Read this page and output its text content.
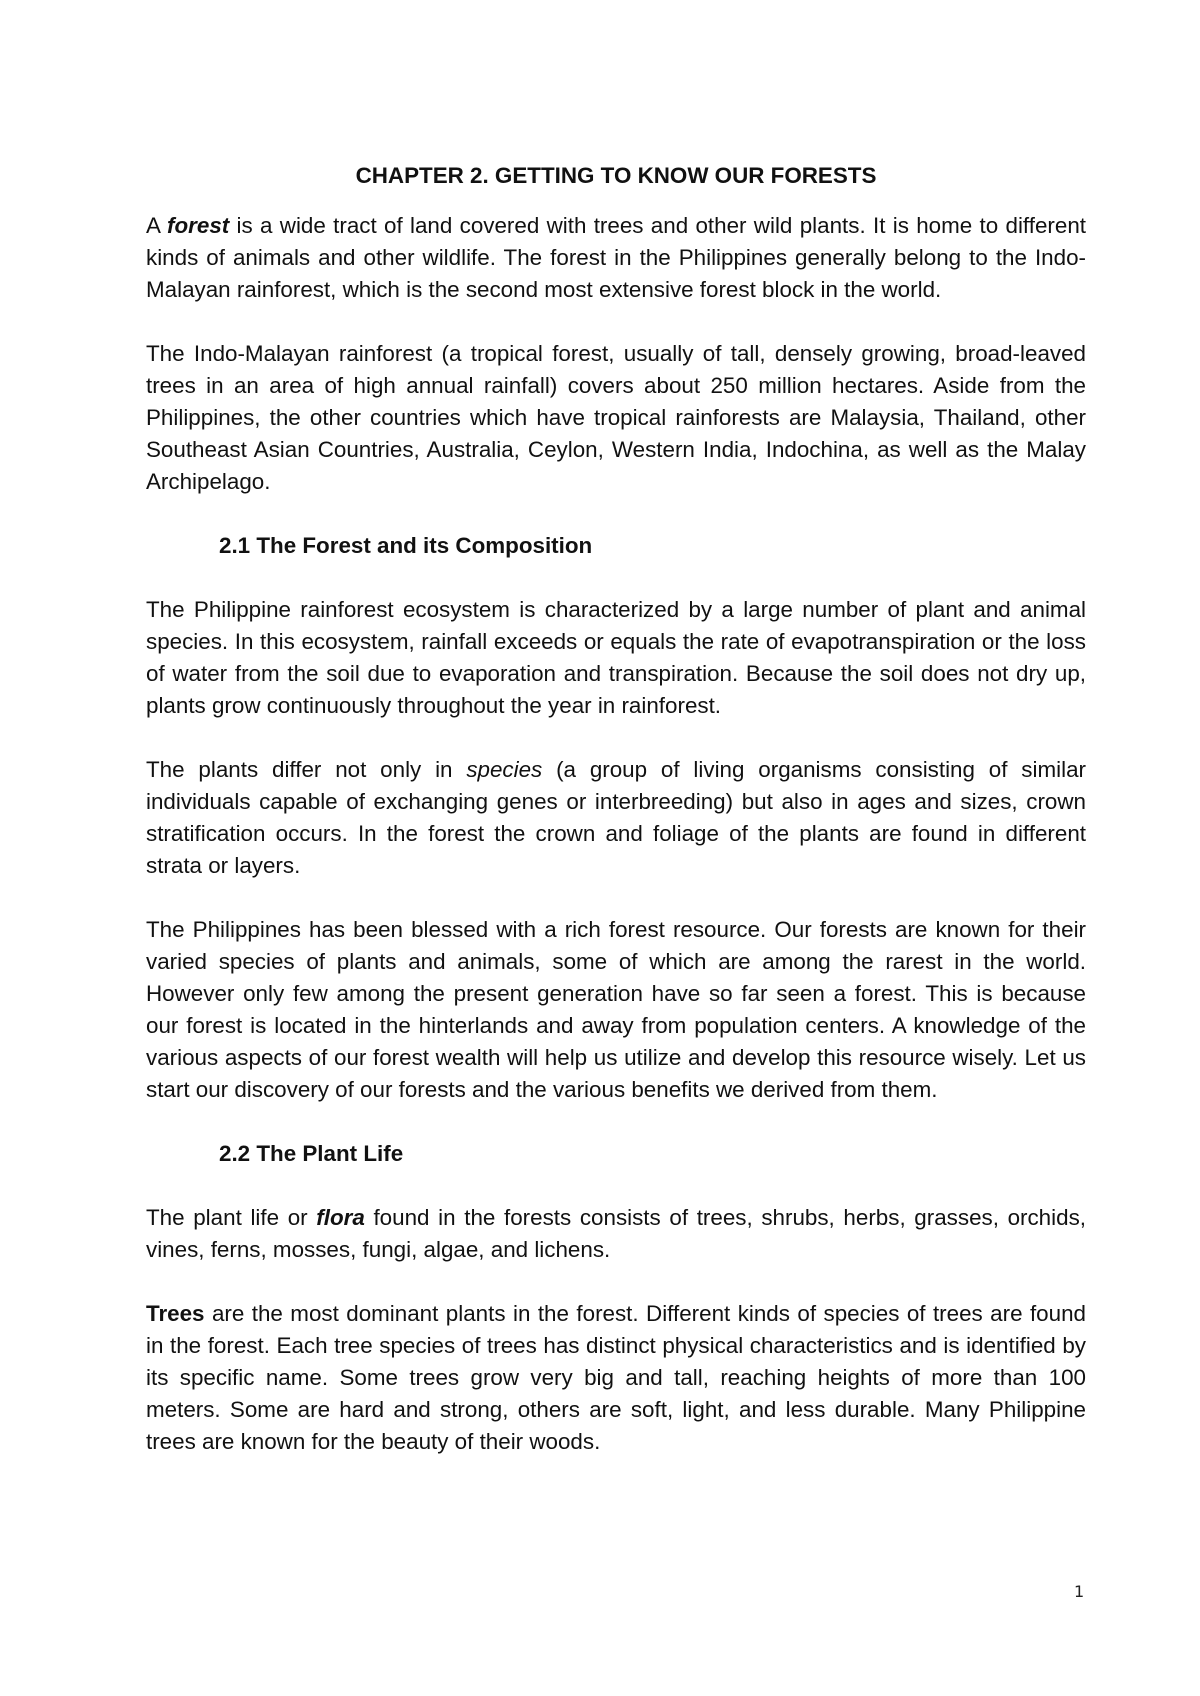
CHAPTER 2. GETTING TO KNOW OUR FORESTS

A forest is a wide tract of land covered with trees and other wild plants. It is home to different kinds of animals and other wildlife. The forest in the Philippines generally belong to the Indo-Malayan rainforest, which is the second most extensive forest block in the world.

The Indo-Malayan rainforest (a tropical forest, usually of tall, densely growing, broad-leaved trees in an area of high annual rainfall) covers about 250 million hectares. Aside from the Philippines, the other countries which have tropical rainforests are Malaysia, Thailand, other Southeast Asian Countries, Australia, Ceylon, Western India, Indochina, as well as the Malay Archipelago.

2.1 The Forest and its Composition

The Philippine rainforest ecosystem is characterized by a large number of plant and animal species. In this ecosystem, rainfall exceeds or equals the rate of evapotranspiration or the loss of water from the soil due to evaporation and transpiration. Because the soil does not dry up, plants grow continuously throughout the year in rainforest.

The plants differ not only in species (a group of living organisms consisting of similar individuals capable of exchanging genes or interbreeding) but also in ages and sizes, crown stratification occurs. In the forest the crown and foliage of the plants are found in different strata or layers.

The Philippines has been blessed with a rich forest resource. Our forests are known for their varied species of plants and animals, some of which are among the rarest in the world. However only few among the present generation have so far seen a forest. This is because our forest is located in the hinterlands and away from population centers. A knowledge of the various aspects of our forest wealth will help us utilize and develop this resource wisely. Let us start our discovery of our forests and the various benefits we derived from them.

2.2 The Plant Life

The plant life or flora found in the forests consists of trees, shrubs, herbs, grasses, orchids, vines, ferns, mosses, fungi, algae, and lichens.

Trees are the most dominant plants in the forest. Different kinds of species of trees are found in the forest. Each tree species of trees has distinct physical characteristics and is identified by its specific name. Some trees grow very big and tall, reaching heights of more than 100 meters. Some are hard and strong, others are soft, light, and less durable. Many Philippine trees are known for the beauty of their woods.

1
